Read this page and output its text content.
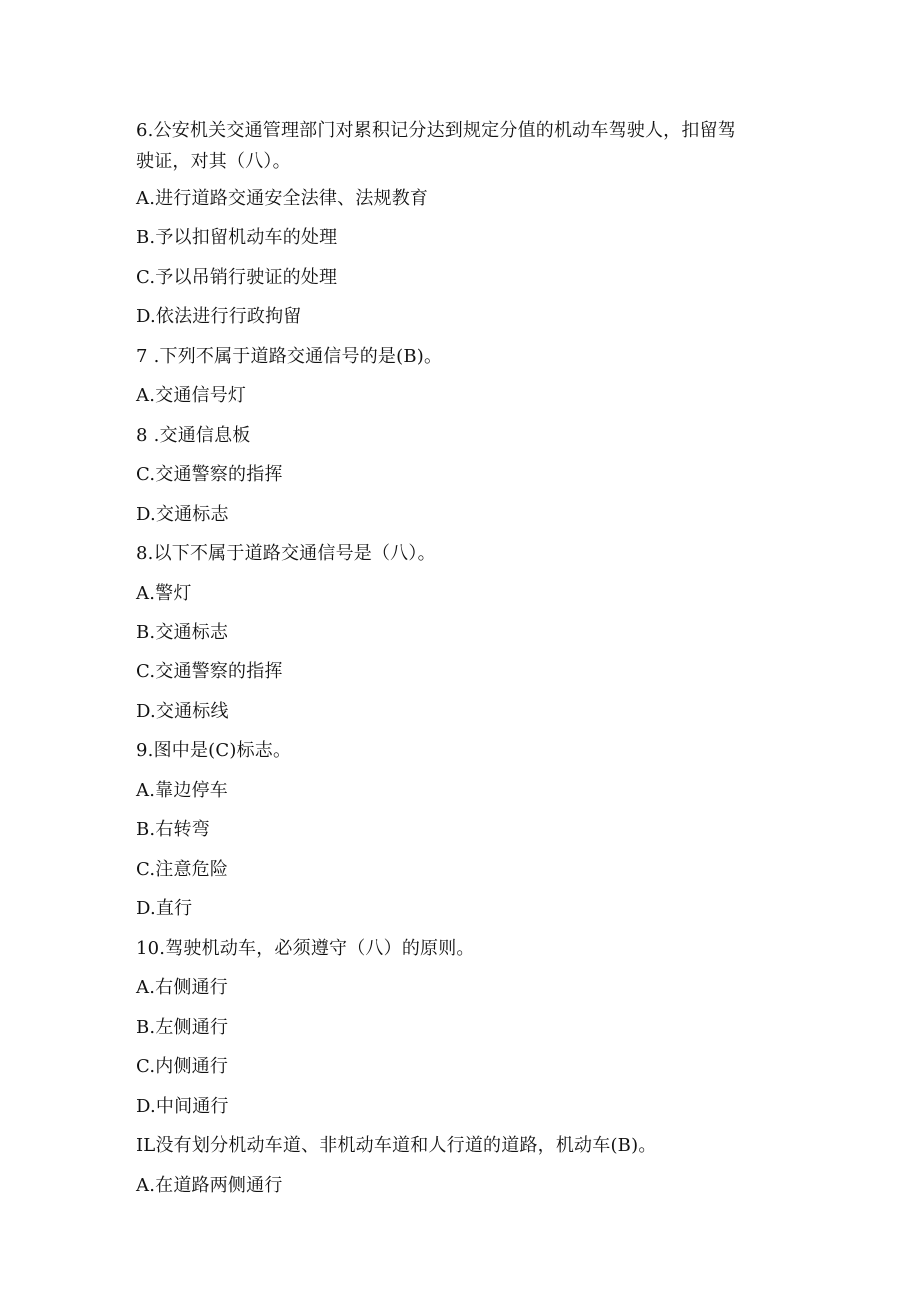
6.公安机关交通管理部门对累积记分达到规定分值的机动车驾驶人，扣留驾
驶证，对其（八）。
A.进行道路交通安全法律、法规教育
B.予以扣留机动车的处理
C.予以吊销行驶证的处理
D.依法进行行政拘留
7 .下列不属于道路交通信号的是(B)。
A.交通信号灯
8 .交通信息板
C.交通警察的指挥
D.交通标志
8.以下不属于道路交通信号是（八）。
A.警灯
B.交通标志
C.交通警察的指挥
D.交通标线
9.图中是(C)标志。
A.靠边停车
B.右转弯
C.注意危险
D.直行
10.驾驶机动车，必须遵守（八）的原则。
A.右侧通行
B.左侧通行
C.内侧通行
D.中间通行
IL没有划分机动车道、非机动车道和人行道的道路，机动车(B)。
A.在道路两侧通行
